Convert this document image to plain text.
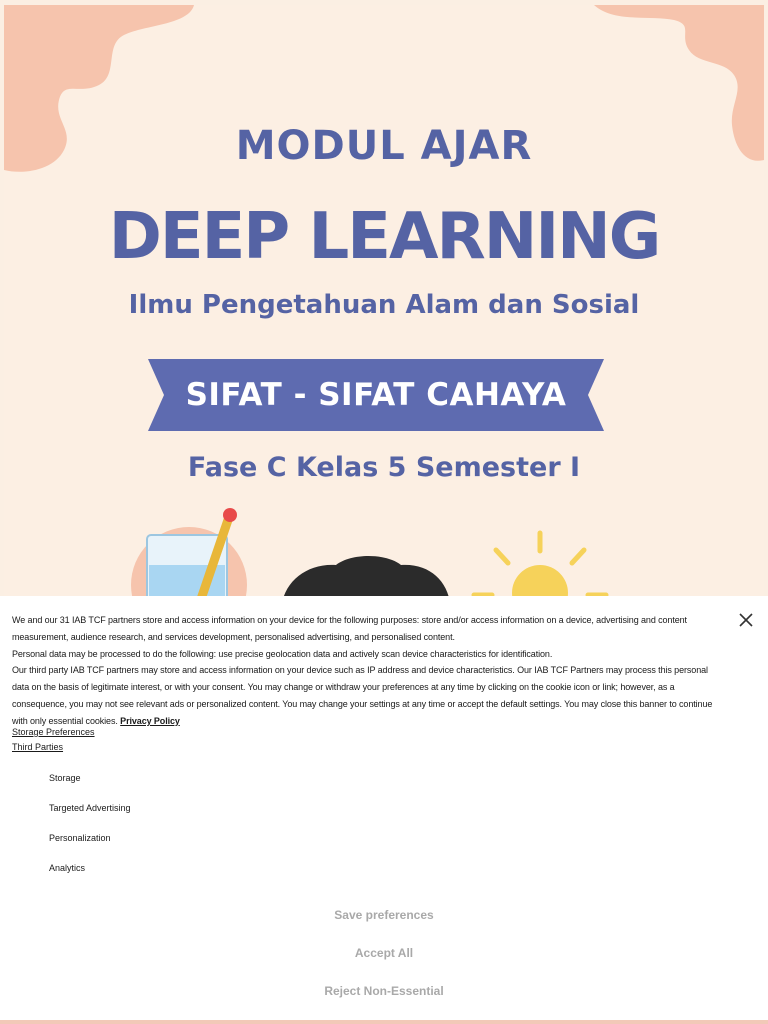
MODUL AJAR
DEEP LEARNING
Ilmu Pengetahuan Alam dan Sosial
SIFAT - SIFAT CAHAYA
Fase C Kelas 5 Semester I

We and our 31 IAB TCF partners store and access information on your device for the following purposes: store and/or access information on a device, advertising and content measurement, audience research, and services development, personalised advertising, and personalised content.

Personal data may be processed to do the following: use precise geolocation data and actively scan device characteristics for identification.

Our third party IAB TCF partners may store and access information on your device such as IP address and device characteristics. Our IAB TCF Partners may process this personal data on the basis of legitimate interest, or with your consent. You may change or withdraw your preferences at any time by clicking on the cookie icon or link; however, as a consequence, you may not see relevant ads or personalized content. You may change your settings at any time or accept the default settings. You may close this banner to continue with only essential cookies. Privacy Policy

Storage Preferences
Third Parties
Storage
Targeted Advertising
Personalization
Analytics
Save preferences
Accept All
Reject Non-Essential
